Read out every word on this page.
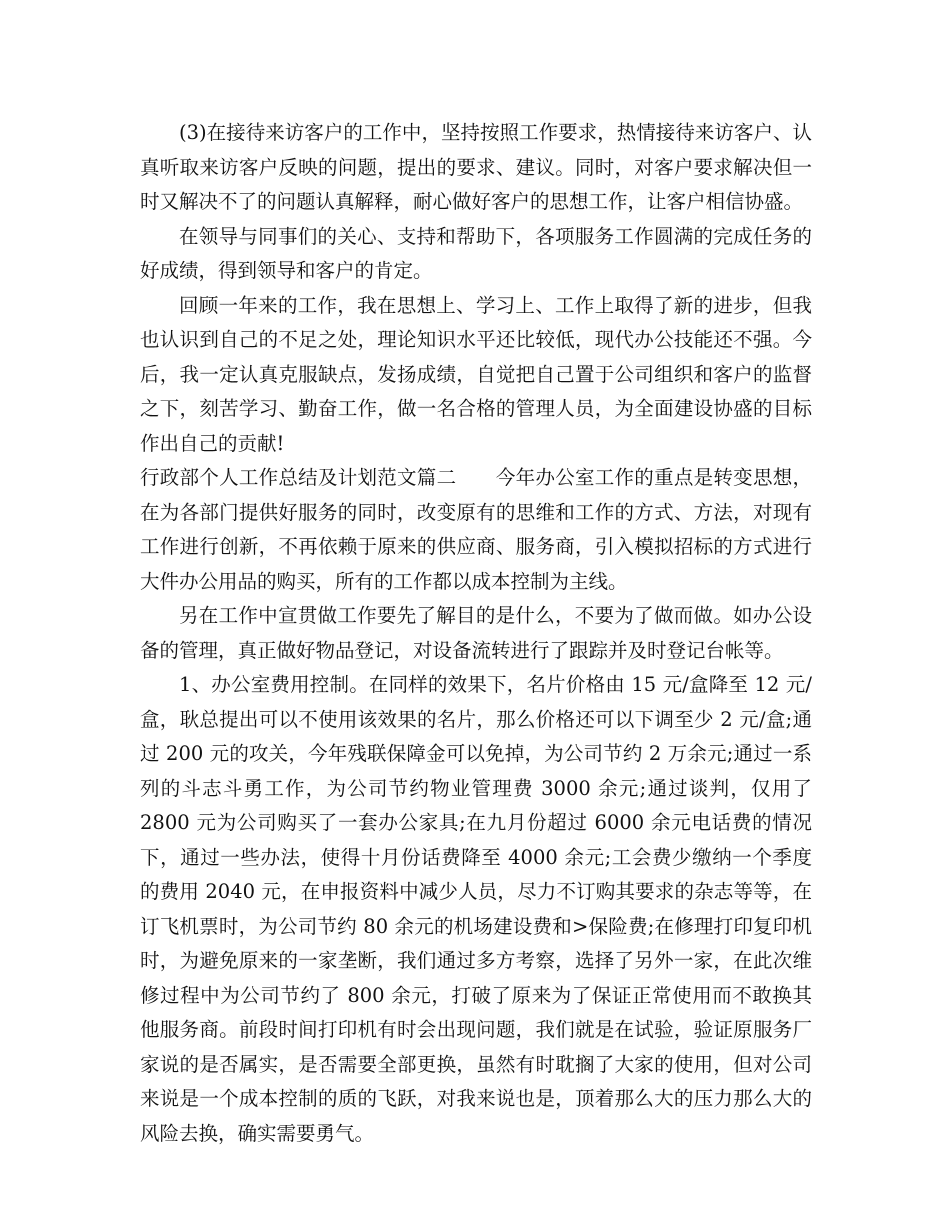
(3)在接待来访客户的工作中，坚持按照工作要求，热情接待来访客户、认真听取来访客户反映的问题，提出的要求、建议。同时，对客户要求解决但一时又解决不了的问题认真解释，耐心做好客户的思想工作，让客户相信协盛。

在领导与同事们的关心、支持和帮助下，各项服务工作圆满的完成任务的好成绩，得到领导和客户的肯定。

回顾一年来的工作，我在思想上、学习上、工作上取得了新的进步，但我也认识到自己的不足之处，理论知识水平还比较低，现代办公技能还不强。今后，我一定认真克服缺点，发扬成绩，自觉把自己置于公司组织和客户的监督之下，刻苦学习、勤奋工作，做一名合格的管理人员，为全面建设协盛的目标作出自己的贡献!

行政部个人工作总结及计划范文篇二　　今年办公室工作的重点是转变思想，在为各部门提供好服务的同时，改变原有的思维和工作的方式、方法，对现有工作进行创新，不再依赖于原来的供应商、服务商，引入模拟招标的方式进行大件办公用品的购买，所有的工作都以成本控制为主线。

另在工作中宣贯做工作要先了解目的是什么，不要为了做而做。如办公设备的管理，真正做好物品登记，对设备流转进行了跟踪并及时登记台帐等。

1、办公室费用控制。在同样的效果下，名片价格由 15 元/盒降至 12 元/盒，耿总提出可以不使用该效果的名片，那么价格还可以下调至少 2 元/盒;通过 200 元的攻关，今年残联保障金可以免掉，为公司节约 2 万余元;通过一系列的斗志斗勇工作，为公司节约物业管理费 3000 余元;通过谈判，仅用了 2800 元为公司购买了一套办公家具;在九月份超过 6000 余元电话费的情况下，通过一些办法，使得十月份话费降至 4000 余元;工会费少缴纳一个季度的费用 2040 元，在申报资料中减少人员，尽力不订购其要求的杂志等等，在订飞机票时，为公司节约 80 余元的机场建设费和>保险费;在修理打印复印机时，为避免原来的一家垄断，我们通过多方考察，选择了另外一家，在此次维修过程中为公司节约了 800 余元，打破了原来为了保证正常使用而不敢换其他服务商。前段时间打印机有时会出现问题，我们就是在试验，验证原服务厂家说的是否属实，是否需要全部更换，虽然有时耽搁了大家的使用，但对公司来说是一个成本控制的质的飞跃，对我来说也是，顶着那么大的压力那么大的风险去换，确实需要勇气。
